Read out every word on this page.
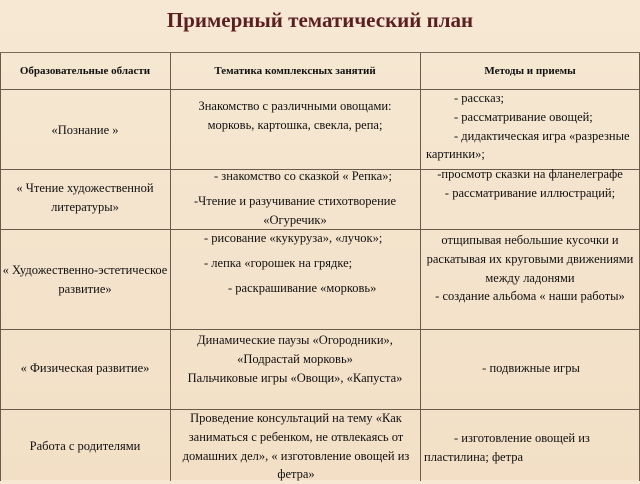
Примерный тематический план
Образовательные области	Тематика комплексных занятий	Методы и приемы
«Познание »
Знакомство с различными овощами: морковь, картошка, свекла, репа;
- рассказ;
- рассматривание овощей;
- дидактическая игра «разрезные картинки»;
« Чтение художественной литературы»
- знакомство со сказкой « Репка»;
-Чтение и разучивание стихотворение «Огуречик»
-просмотр сказки на фланелеграфе
- рассматривание иллюстраций;
« Художественно-эстетическое развитие»
- рисование «кукуруза», «лучок»;
- лепка «горошек на грядке;
- раскрашивание «морковь»
отщипывая небольшие кусочки и раскатывая их круговыми движениями между ладонями
- создание альбома « наши работы»
« Физическая развитие»
Динамические паузы «Огородники», «Подрастай морковь»
Пальчиковые игры «Овощи», «Капуста»
- подвижные игры
Работа с родителями
Проведение консультаций на тему «Как заниматься с ребенком, не отвлекаясь от домашних дел», « изготовление овощей из фетра»
- изготовление овощей из пластилина; фетра
